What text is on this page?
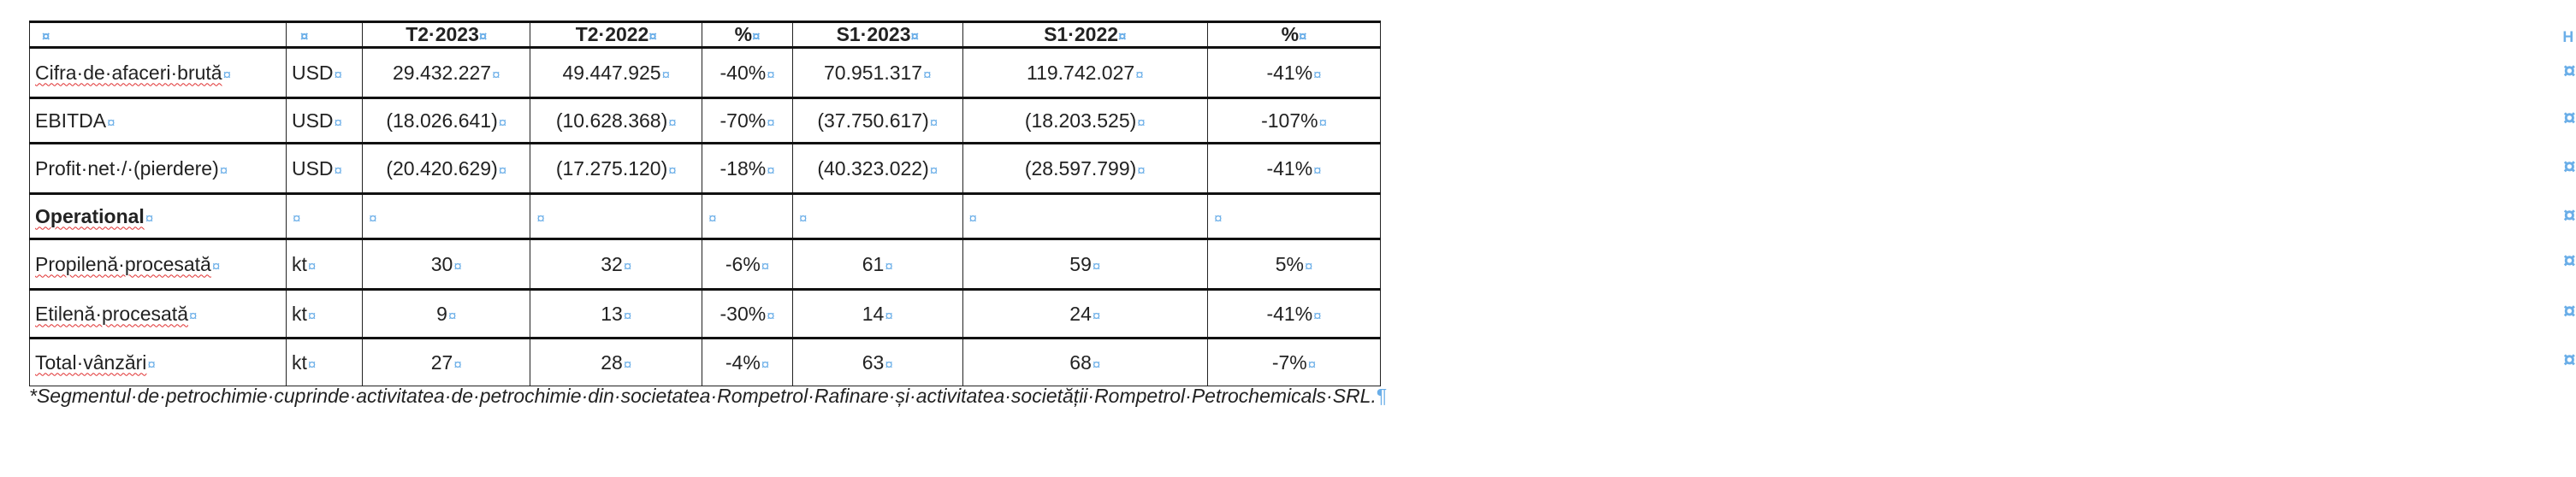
¤	¤	T2·2023¤	T2·2022¤	%¤	S1·2023¤	S1·2022¤	%¤ ᴴ

Cifra·de·afaceri·brută¤	USD¤	29.432.227¤	49.447.925¤	-40%¤	70.951.317¤	119.742.027¤	-41%¤ ¤

EBITDA¤	USD¤	(18.026.641)¤	(10.628.368)¤	-70%¤	(37.750.617)¤	(18.203.525)¤	-107%¤ ¤

Profit·net·/·(pierdere)¤	USD¤	(20.420.629)¤	(17.275.120)¤	-18%¤	(40.323.022)¤	(28.597.799)¤	-41%¤ ¤

Operational¤	¤	¤	¤	¤	¤	¤	¤ ¤

Propilenă·procesată¤	kt¤	30¤	32¤	-6%¤	61¤	59¤	5%¤ ¤

Etilenă·procesată¤	kt¤	9¤	13¤	-30%¤	14¤	24¤	-41%¤ ¤

Total·vânzări¤	kt¤	27¤	28¤	-4%¤	63¤	68¤	-7%¤ ¤
*Segmentul·de·petrochimie·cuprinde·activitatea·de·petrochimie·din·societatea·Rompetrol·Rafinare·și·activitatea·societății·Rompetrol·Petrochemicals·SRL.¶
